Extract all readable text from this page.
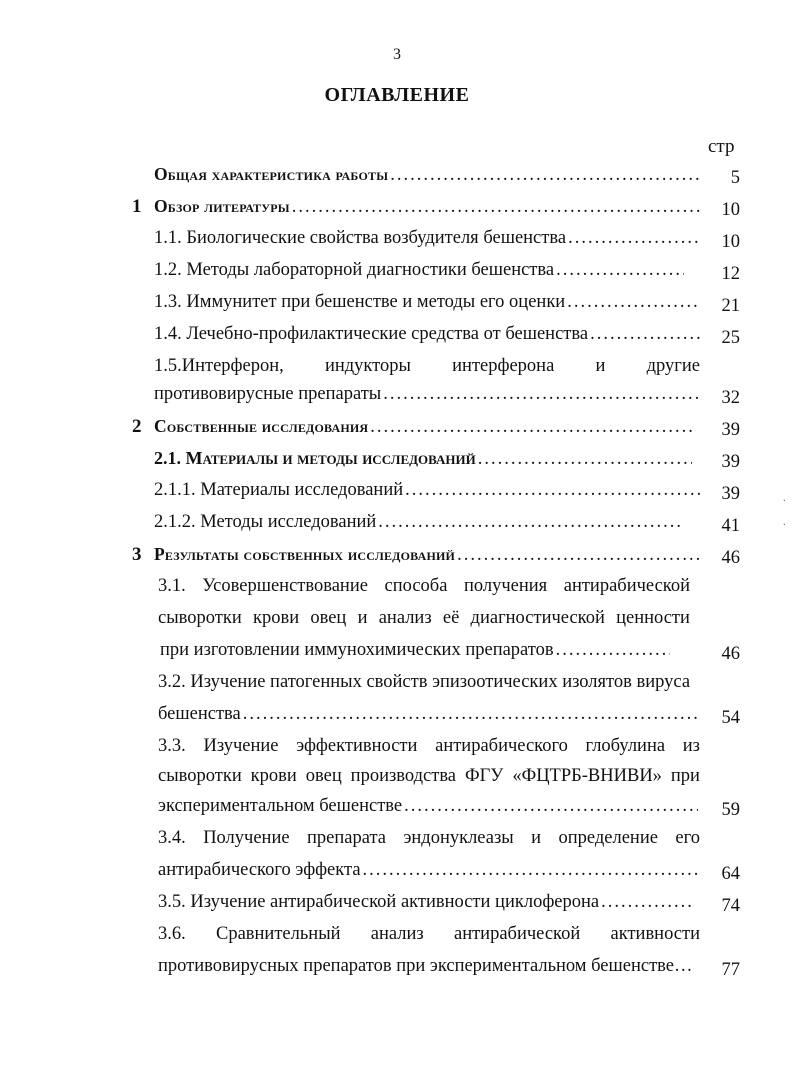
3
ОГЛАВЛЕНИЕ
стр
Общая характеристика работы .....	5
1 Обзор литературы .....	10
1.1. Биологические свойства возбудителя бешенства .....	10
1.2. Методы лабораторной диагностики бешенства .....	12
1.3. Иммунитет при бешенстве и методы его оценки .....	21
1.4. Лечебно-профилактические средства от бешенства .....	25
1.5.Интерферон, индукторы интерферона и другие
противовирусные препараты .....	32
2 Собственные исследования .....	39
2.1. Материалы и методы исследований .....	39
2.1.1. Материалы исследований .....	39
2.1.2. Методы исследований .....	41
3 Результаты собственных исследований .....	46
3.1. Усовершенствование способа получения антирабической
сыворотки крови овец и анализ её диагностической ценности
при изготовлении иммунохимических препаратов .....	46
3.2. Изучение патогенных свойств эпизоотических изолятов вируса
бешенства .....	54
3.3. Изучение эффективности антирабического глобулина из
сыворотки крови овец производства ФГУ «ФЦТРБ-ВНИВИ» при
экспериментальном бешенстве .....	59
3.4. Получение препарата эндонуклеазы и определение его
антирабического эффекта .....	64
3.5. Изучение антирабической активности циклоферона .....	74
3.6. Сравнительный анализ антирабической активности
противовирусных препаратов при экспериментальном бешенстве…	77
·
·
